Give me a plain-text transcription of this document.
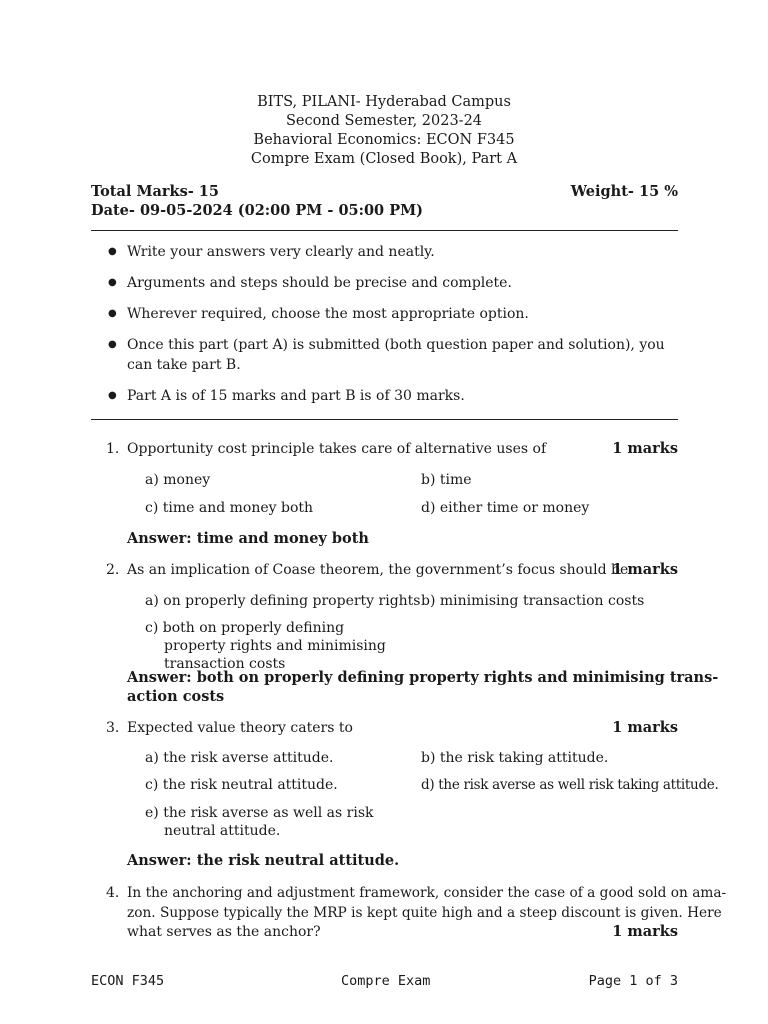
BITS, PILANI- Hyderabad Campus
Second Semester, 2023-24
Behavioral Economics: ECON F345
Compre Exam (Closed Book), Part A
Total Marks- 15	Weight- 15 %
Date- 09-05-2024 (02:00 PM - 05:00 PM)
● Write your answers very clearly and neatly.
● Arguments and steps should be precise and complete.
● Wherever required, choose the most appropriate option.
● Once this part (part A) is submitted (both question paper and solution), you can take part B.
● Part A is of 15 marks and part B is of 30 marks.
1. Opportunity cost principle takes care of alternative uses of	1 marks
a) money	b) time
c) time and money both	d) either time or money
Answer: time and money both
2. As an implication of Coase theorem, the government’s focus should be
1 marks
a) on properly defining property rights b) minimising transaction costs
c) both on properly defining property rights and minimising transaction costs
Answer: both on properly defining property rights and minimising trans-
action costs
3. Expected value theory caters to	1 marks
a) the risk averse attitude.	b) the risk taking attitude.
c) the risk neutral attitude.	d) the risk averse as well risk taking attitude.
e) the risk averse as well as risk neutral attitude.
Answer: the risk neutral attitude.
4. In the anchoring and adjustment framework, consider the case of a good sold on ama-
zon. Suppose typically the MRP is kept quite high and a steep discount is given. Here
what serves as the anchor?	1 marks
ECON F345	Compre Exam	Page 1 of 3
